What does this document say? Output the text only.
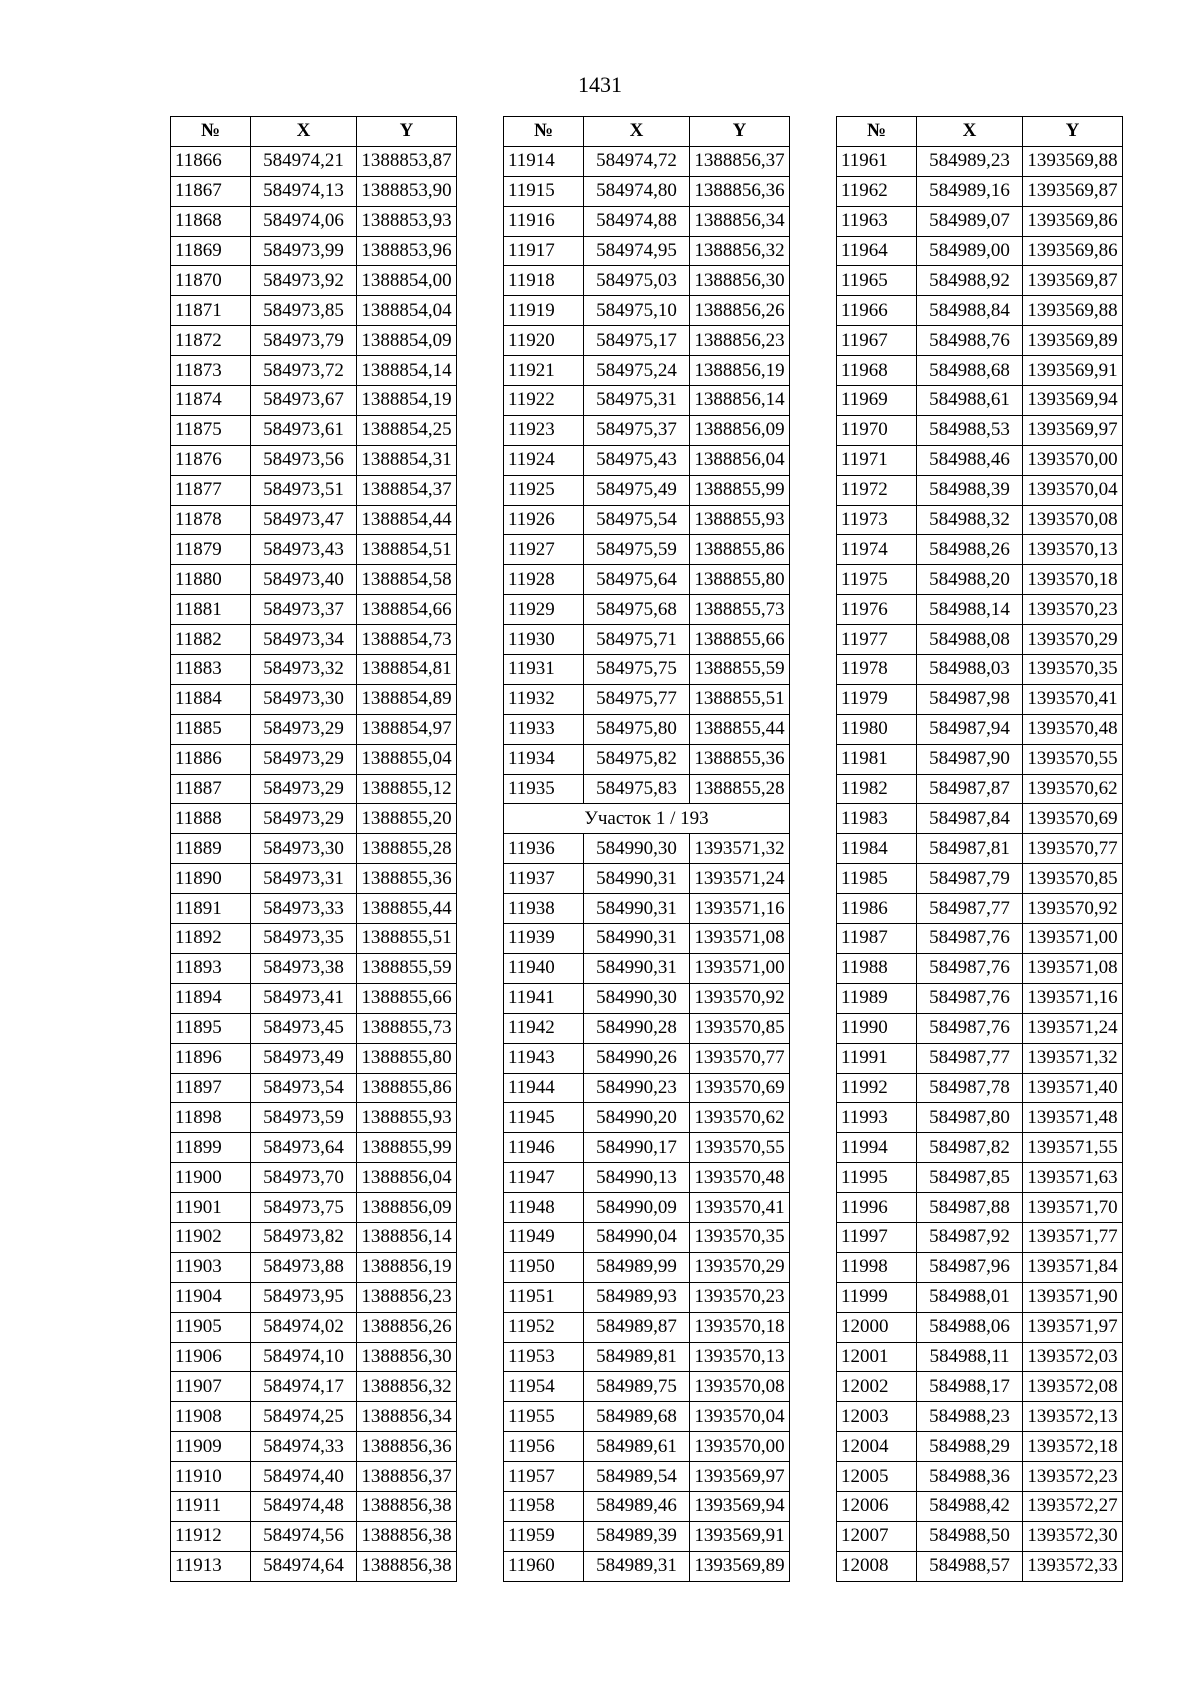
1431
№	X	Y
11866	584974,21	1388853,87
11867	584974,13	1388853,90
11868	584974,06	1388853,93
11869	584973,99	1388853,96
11870	584973,92	1388854,00
11871	584973,85	1388854,04
11872	584973,79	1388854,09
11873	584973,72	1388854,14
11874	584973,67	1388854,19
11875	584973,61	1388854,25
11876	584973,56	1388854,31
11877	584973,51	1388854,37
11878	584973,47	1388854,44
11879	584973,43	1388854,51
11880	584973,40	1388854,58
11881	584973,37	1388854,66
11882	584973,34	1388854,73
11883	584973,32	1388854,81
11884	584973,30	1388854,89
11885	584973,29	1388854,97
11886	584973,29	1388855,04
11887	584973,29	1388855,12
11888	584973,29	1388855,20
11889	584973,30	1388855,28
11890	584973,31	1388855,36
11891	584973,33	1388855,44
11892	584973,35	1388855,51
11893	584973,38	1388855,59
11894	584973,41	1388855,66
11895	584973,45	1388855,73
11896	584973,49	1388855,80
11897	584973,54	1388855,86
11898	584973,59	1388855,93
11899	584973,64	1388855,99
11900	584973,70	1388856,04
11901	584973,75	1388856,09
11902	584973,82	1388856,14
11903	584973,88	1388856,19
11904	584973,95	1388856,23
11905	584974,02	1388856,26
11906	584974,10	1388856,30
11907	584974,17	1388856,32
11908	584974,25	1388856,34
11909	584974,33	1388856,36
11910	584974,40	1388856,37
11911	584974,48	1388856,38
11912	584974,56	1388856,38
11913	584974,64	1388856,38
№	X	Y
11914	584974,72	1388856,37
11915	584974,80	1388856,36
11916	584974,88	1388856,34
11917	584974,95	1388856,32
11918	584975,03	1388856,30
11919	584975,10	1388856,26
11920	584975,17	1388856,23
11921	584975,24	1388856,19
11922	584975,31	1388856,14
11923	584975,37	1388856,09
11924	584975,43	1388856,04
11925	584975,49	1388855,99
11926	584975,54	1388855,93
11927	584975,59	1388855,86
11928	584975,64	1388855,80
11929	584975,68	1388855,73
11930	584975,71	1388855,66
11931	584975,75	1388855,59
11932	584975,77	1388855,51
11933	584975,80	1388855,44
11934	584975,82	1388855,36
11935	584975,83	1388855,28
Участок 1 / 193		
11936	584990,30	1393571,32
11937	584990,31	1393571,24
11938	584990,31	1393571,16
11939	584990,31	1393571,08
11940	584990,31	1393571,00
11941	584990,30	1393570,92
11942	584990,28	1393570,85
11943	584990,26	1393570,77
11944	584990,23	1393570,69
11945	584990,20	1393570,62
11946	584990,17	1393570,55
11947	584990,13	1393570,48
11948	584990,09	1393570,41
11949	584990,04	1393570,35
11950	584989,99	1393570,29
11951	584989,93	1393570,23
11952	584989,87	1393570,18
11953	584989,81	1393570,13
11954	584989,75	1393570,08
11955	584989,68	1393570,04
11956	584989,61	1393570,00
11957	584989,54	1393569,97
11958	584989,46	1393569,94
11959	584989,39	1393569,91
11960	584989,31	1393569,89
№	X	Y
11961	584989,23	1393569,88
11962	584989,16	1393569,87
11963	584989,07	1393569,86
11964	584989,00	1393569,86
11965	584988,92	1393569,87
11966	584988,84	1393569,88
11967	584988,76	1393569,89
11968	584988,68	1393569,91
11969	584988,61	1393569,94
11970	584988,53	1393569,97
11971	584988,46	1393570,00
11972	584988,39	1393570,04
11973	584988,32	1393570,08
11974	584988,26	1393570,13
11975	584988,20	1393570,18
11976	584988,14	1393570,23
11977	584988,08	1393570,29
11978	584988,03	1393570,35
11979	584987,98	1393570,41
11980	584987,94	1393570,48
11981	584987,90	1393570,55
11982	584987,87	1393570,62
11983	584987,84	1393570,69
11984	584987,81	1393570,77
11985	584987,79	1393570,85
11986	584987,77	1393570,92
11987	584987,76	1393571,00
11988	584987,76	1393571,08
11989	584987,76	1393571,16
11990	584987,76	1393571,24
11991	584987,77	1393571,32
11992	584987,78	1393571,40
11993	584987,80	1393571,48
11994	584987,82	1393571,55
11995	584987,85	1393571,63
11996	584987,88	1393571,70
11997	584987,92	1393571,77
11998	584987,96	1393571,84
11999	584988,01	1393571,90
12000	584988,06	1393571,97
12001	584988,11	1393572,03
12002	584988,17	1393572,08
12003	584988,23	1393572,13
12004	584988,29	1393572,18
12005	584988,36	1393572,23
12006	584988,42	1393572,27
12007	584988,50	1393572,30
12008	584988,57	1393572,33
